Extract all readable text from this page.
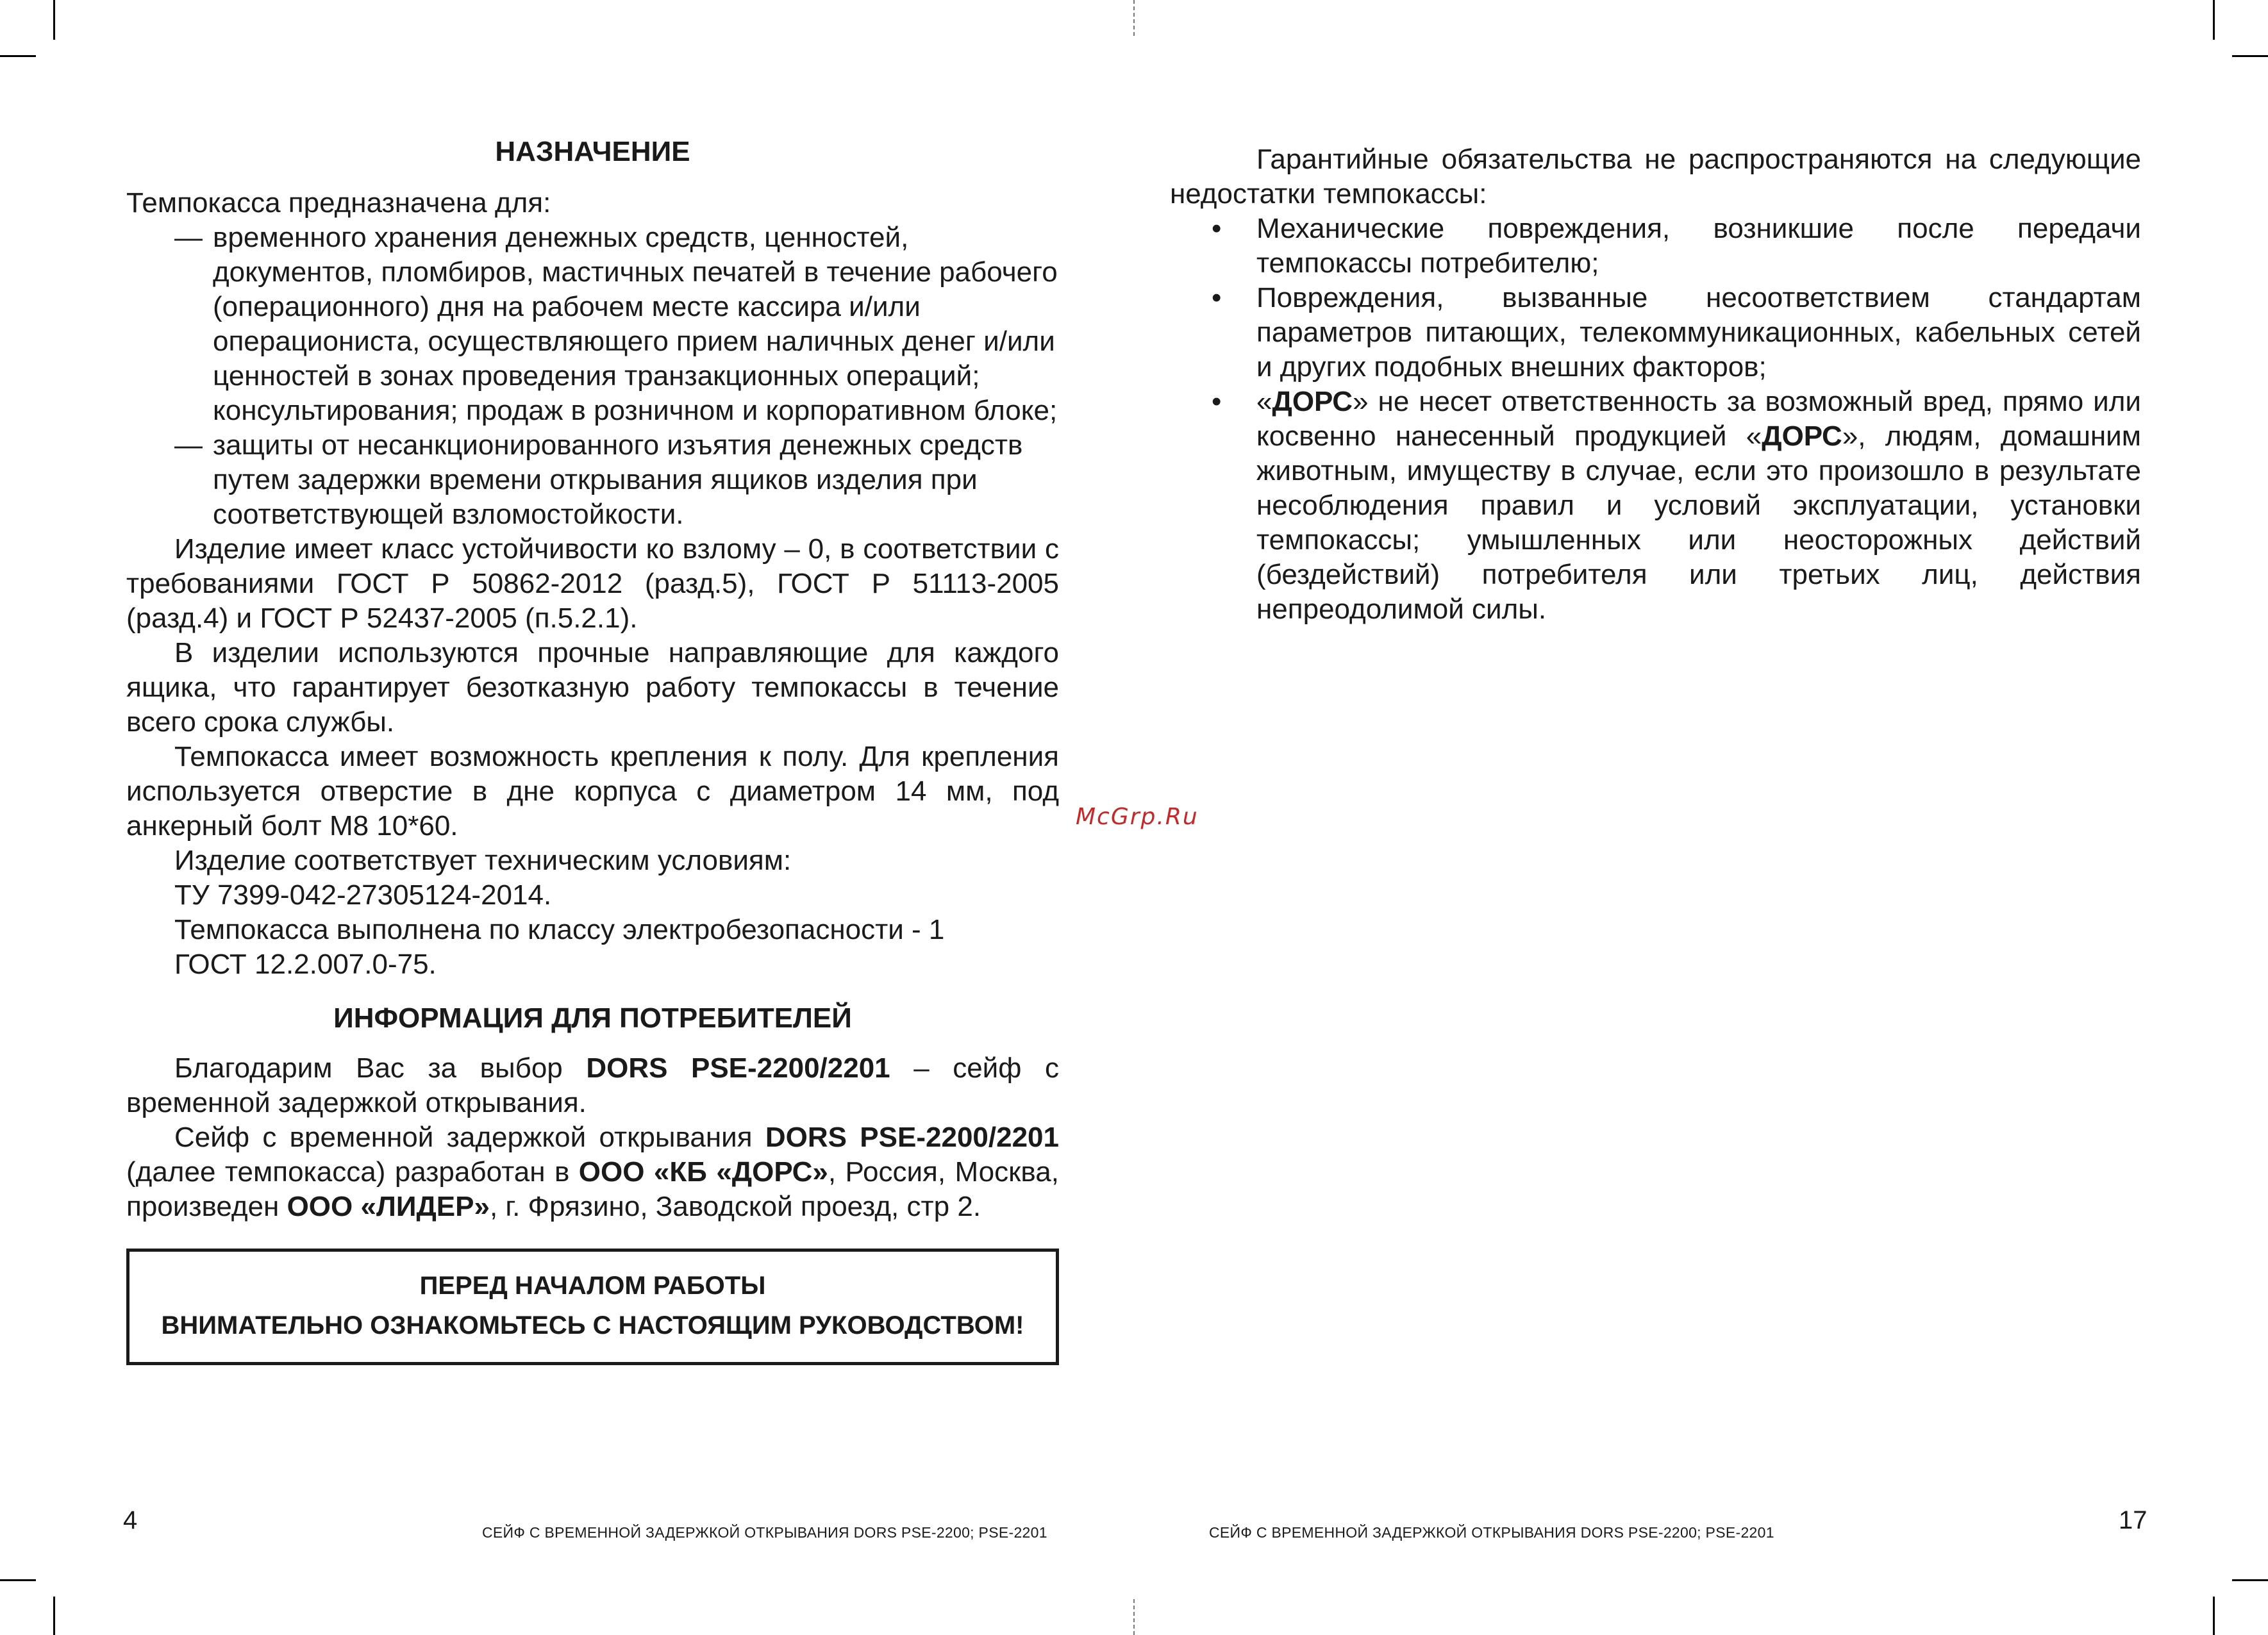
НАЗНАЧЕНИЕ

Темпокасса предназначена для:

— временного хранения денежных средств, ценностей, документов, пломбиров, мастичных печатей в течение рабочего (операционного) дня на рабочем месте кассира и/или операциониста, осуществляющего прием наличных денег и/или ценностей в зонах проведения транзакционных операций; консультирования; продаж в розничном и корпоративном блоке;
— защиты от несанкционированного изъятия денежных средств путем задержки времени открывания ящиков изделия при соответствующей взломостойкости.

Изделие имеет класс устойчивости ко взлому – 0, в соответствии с требованиями ГОСТ Р 50862-2012 (разд.5), ГОСТ Р 51113-2005 (разд.4) и ГОСТ Р 52437-2005 (п.5.2.1).

В изделии используются прочные направляющие для каждого ящика, что гарантирует безотказную работу темпокассы в течение всего срока службы.

Темпокасса имеет возможность крепления к полу. Для крепления используется отверстие в дне корпуса с диаметром 14 мм, под анкерный болт М8 10*60.

Изделие соответствует техническим условиям:

ТУ 7399-042-27305124-2014.

Темпокасса выполнена по классу электробезопасности - 1

ГОСТ 12.2.007.0-75.

ИНФОРМАЦИЯ ДЛЯ ПОТРЕБИТЕЛЕЙ

Благодарим Вас за выбор DORS PSE-2200/2201 – сейф с временной задержкой открывания.

Сейф с временной задержкой открывания DORS PSE-2200/2201 (далее темпокасса) разработан в ООО «КБ «ДОРС», Россия, Москва, произведен ООО «ЛИДЕР», г. Фрязино, Заводской проезд, стр 2.

ПЕРЕД НАЧАЛОМ РАБОТЫ
ВНИМАТЕЛЬНО ОЗНАКОМЬТЕСЬ С НАСТОЯЩИМ РУКОВОДСТВОМ!
4	СЕЙФ С ВРЕМЕННОЙ ЗАДЕРЖКОЙ ОТКРЫВАНИЯ DORS PSE-2200; PSE-2201

Гарантийные обязательства не распространяются на следующие недостатки темпокассы:

•	Механические повреждения, возникшие после передачи темпокассы потребителю;
•	Повреждения, вызванные несоответствием стандартам параметров питающих, телекоммуникационных, кабельных сетей и других подобных внешних факторов;
•	«ДОРС» не несет ответственность за возможный вред, прямо или косвенно нанесенный продукцией «ДОРС», людям, домашним животным, имуществу в случае, если это произошло в результате несоблюдения правил и условий эксплуатации, установки темпокассы; умышленных или неосторожных действий (бездействий) потребителя или третьих лиц, действия непреодолимой силы.
17
СЕЙФ С ВРЕМЕННОЙ ЗАДЕРЖКОЙ ОТКРЫВАНИЯ DORS PSE-2200; PSE-2201
McGrp.Ru
